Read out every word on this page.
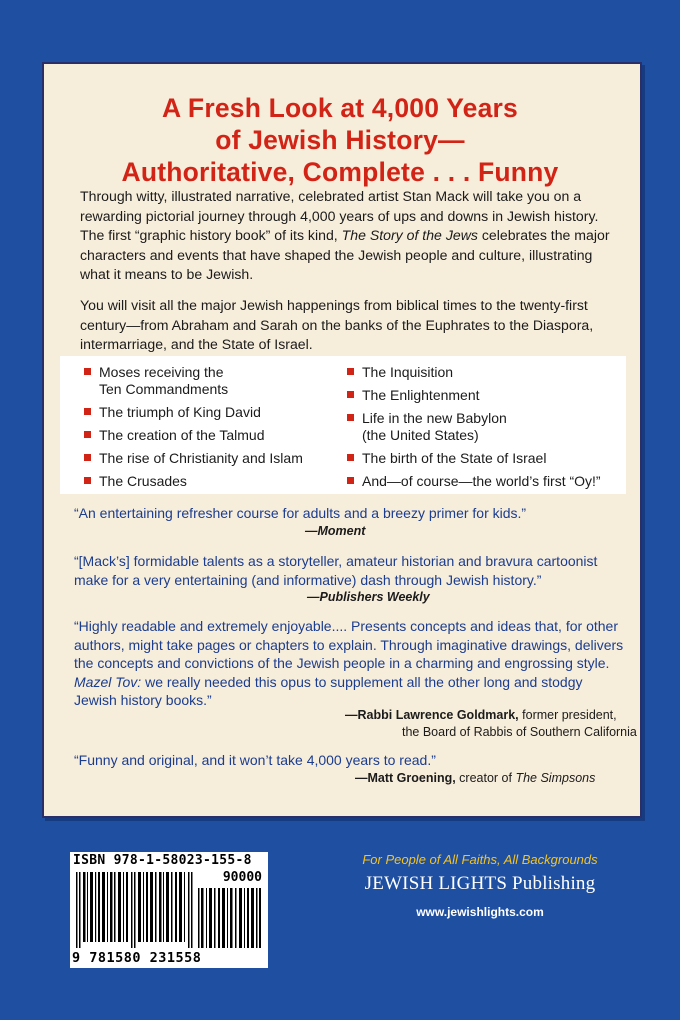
A Fresh Look at 4,000 Years
of Jewish History—
Authoritative, Complete . . . Funny
Through witty, illustrated narrative, celebrated artist Stan Mack will take you on a rewarding pictorial journey through 4,000 years of ups and downs in Jewish history. The first “graphic history book” of its kind, The Story of the Jews celebrates the major characters and events that have shaped the Jewish people and culture, illustrating what it means to be Jewish.
You will visit all the major Jewish happenings from biblical times to the twenty-first century—from Abraham and Sarah on the banks of the Euphrates to the Diaspora, intermarriage, and the State of Israel.
Moses receiving the Ten Commandments
The triumph of King David
The creation of the Talmud
The rise of Christianity and Islam
The Crusades
The Inquisition
The Enlightenment
Life in the new Babylon (the United States)
The birth of the State of Israel
And—of course—the world’s first “Oy!”
“An entertaining refresher course for adults and a breezy primer for kids.”
—Moment
“[Mack’s] formidable talents as a storyteller, amateur historian and bravura cartoonist make for a very entertaining (and informative) dash through Jewish history.”
—Publishers Weekly
“Highly readable and extremely enjoyable.... Presents concepts and ideas that, for other authors, might take pages or chapters to explain. Through imaginative drawings, delivers the concepts and convictions of the Jewish people in a charming and engrossing style. Mazel Tov: we really needed this opus to supplement all the other long and stodgy Jewish history books.”
—Rabbi Lawrence Goldmark, former president,
the Board of Rabbis of Southern California
“Funny and original, and it won’t take 4,000 years to read.”
—Matt Groening, creator of The Simpsons
ISBN 978-1-58023-155-8
90000
9 781580 231558
For People of All Faiths, All Backgrounds
JEWISH LIGHTS Publishing
www.jewishlights.com
